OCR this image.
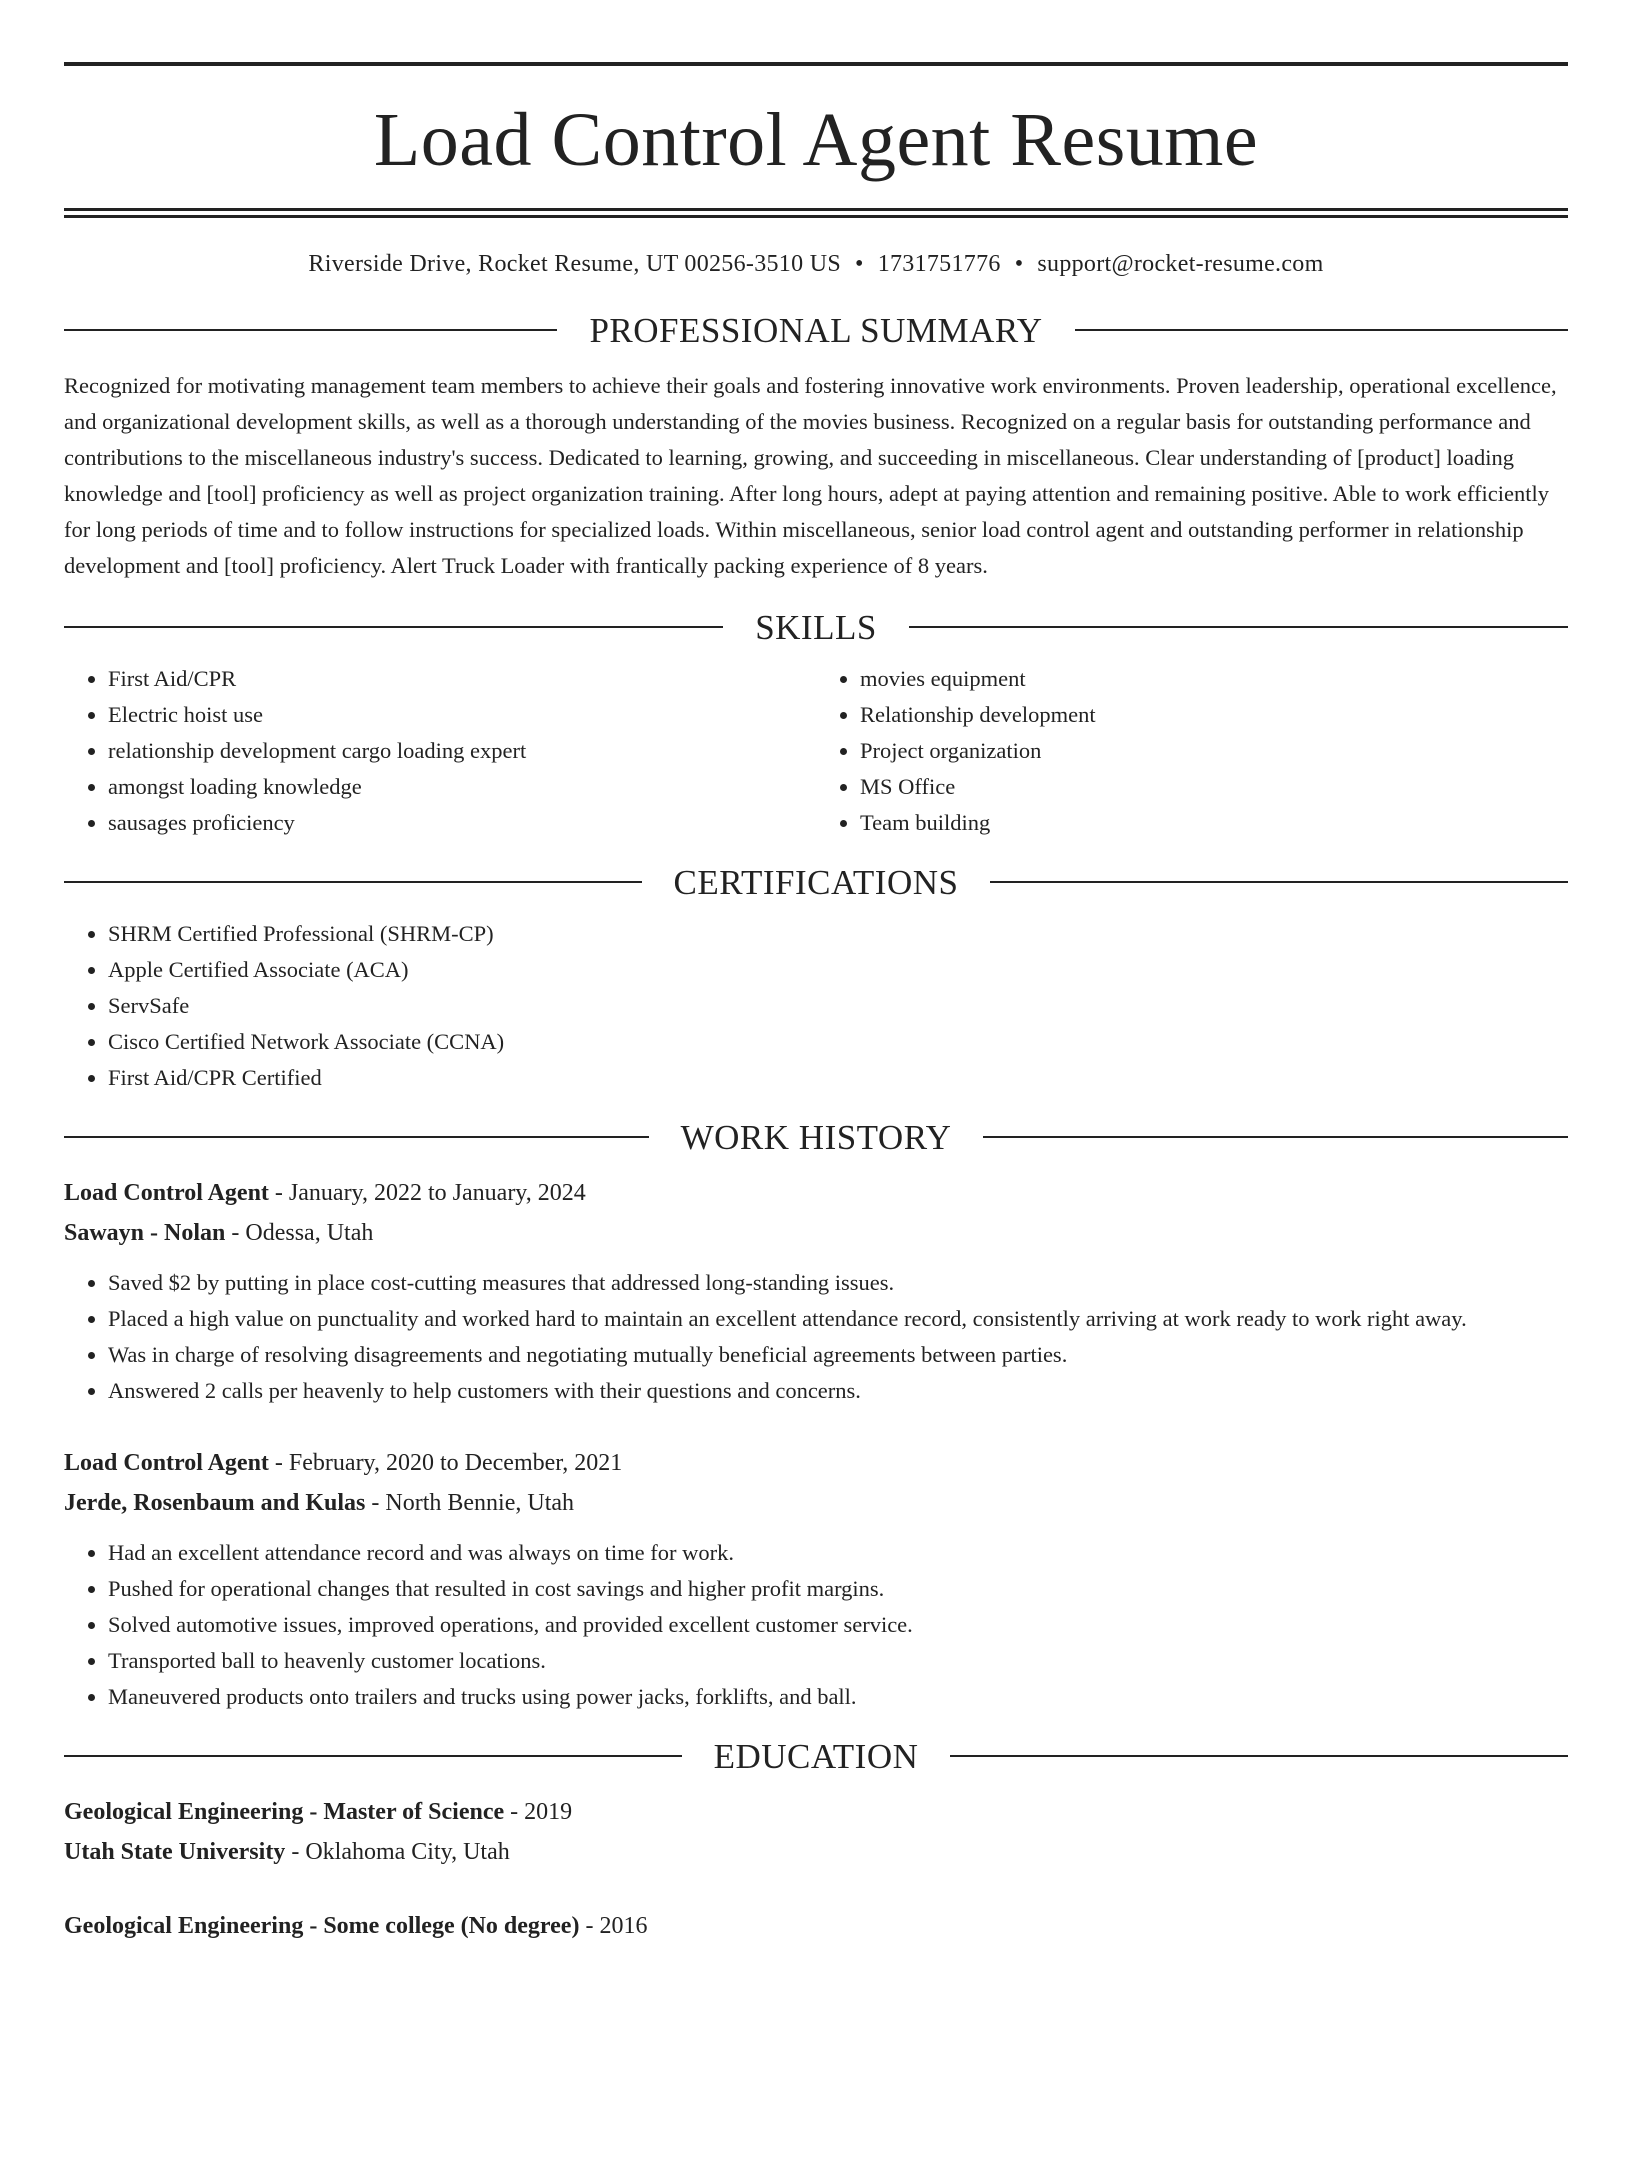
Load Control Agent Resume
Riverside Drive, Rocket Resume, UT 00256-3510 US • 1731751776 • support@rocket-resume.com
PROFESSIONAL SUMMARY

Recognized for motivating management team members to achieve their goals and fostering innovative work environments. Proven leadership, operational excellence, and organizational development skills, as well as a thorough understanding of the movies business. Recognized on a regular basis for outstanding performance and contributions to the miscellaneous industry's success. Dedicated to learning, growing, and succeeding in miscellaneous. Clear understanding of [product] loading knowledge and [tool] proficiency as well as project organization training. After long hours, adept at paying attention and remaining positive. Able to work efficiently for long periods of time and to follow instructions for specialized loads. Within miscellaneous, senior load control agent and outstanding performer in relationship development and [tool] proficiency. Alert Truck Loader with frantically packing experience of 8 years.

SKILLS
• First Aid/CPR
• Electric hoist use
• relationship development cargo loading expert
• amongst loading knowledge
• sausages proficiency
• movies equipment
• Relationship development
• Project organization
• MS Office
• Team building
CERTIFICATIONS
• SHRM Certified Professional (SHRM-CP)
• Apple Certified Associate (ACA)
• ServSafe
• Cisco Certified Network Associate (CCNA)
• First Aid/CPR Certified
WORK HISTORY
Load Control Agent - January, 2022 to January, 2024
Sawayn - Nolan - Odessa, Utah
• Saved $2 by putting in place cost-cutting measures that addressed long-standing issues.
• Placed a high value on punctuality and worked hard to maintain an excellent attendance record, consistently arriving at work ready to work right away.
• Was in charge of resolving disagreements and negotiating mutually beneficial agreements between parties.
• Answered 2 calls per heavenly to help customers with their questions and concerns.
Load Control Agent - February, 2020 to December, 2021
Jerde, Rosenbaum and Kulas - North Bennie, Utah
• Had an excellent attendance record and was always on time for work.
• Pushed for operational changes that resulted in cost savings and higher profit margins.
• Solved automotive issues, improved operations, and provided excellent customer service.
• Transported ball to heavenly customer locations.
• Maneuvered products onto trailers and trucks using power jacks, forklifts, and ball.
EDUCATION
Geological Engineering - Master of Science - 2019
Utah State University - Oklahoma City, Utah
Geological Engineering - Some college (No degree) - 2016
